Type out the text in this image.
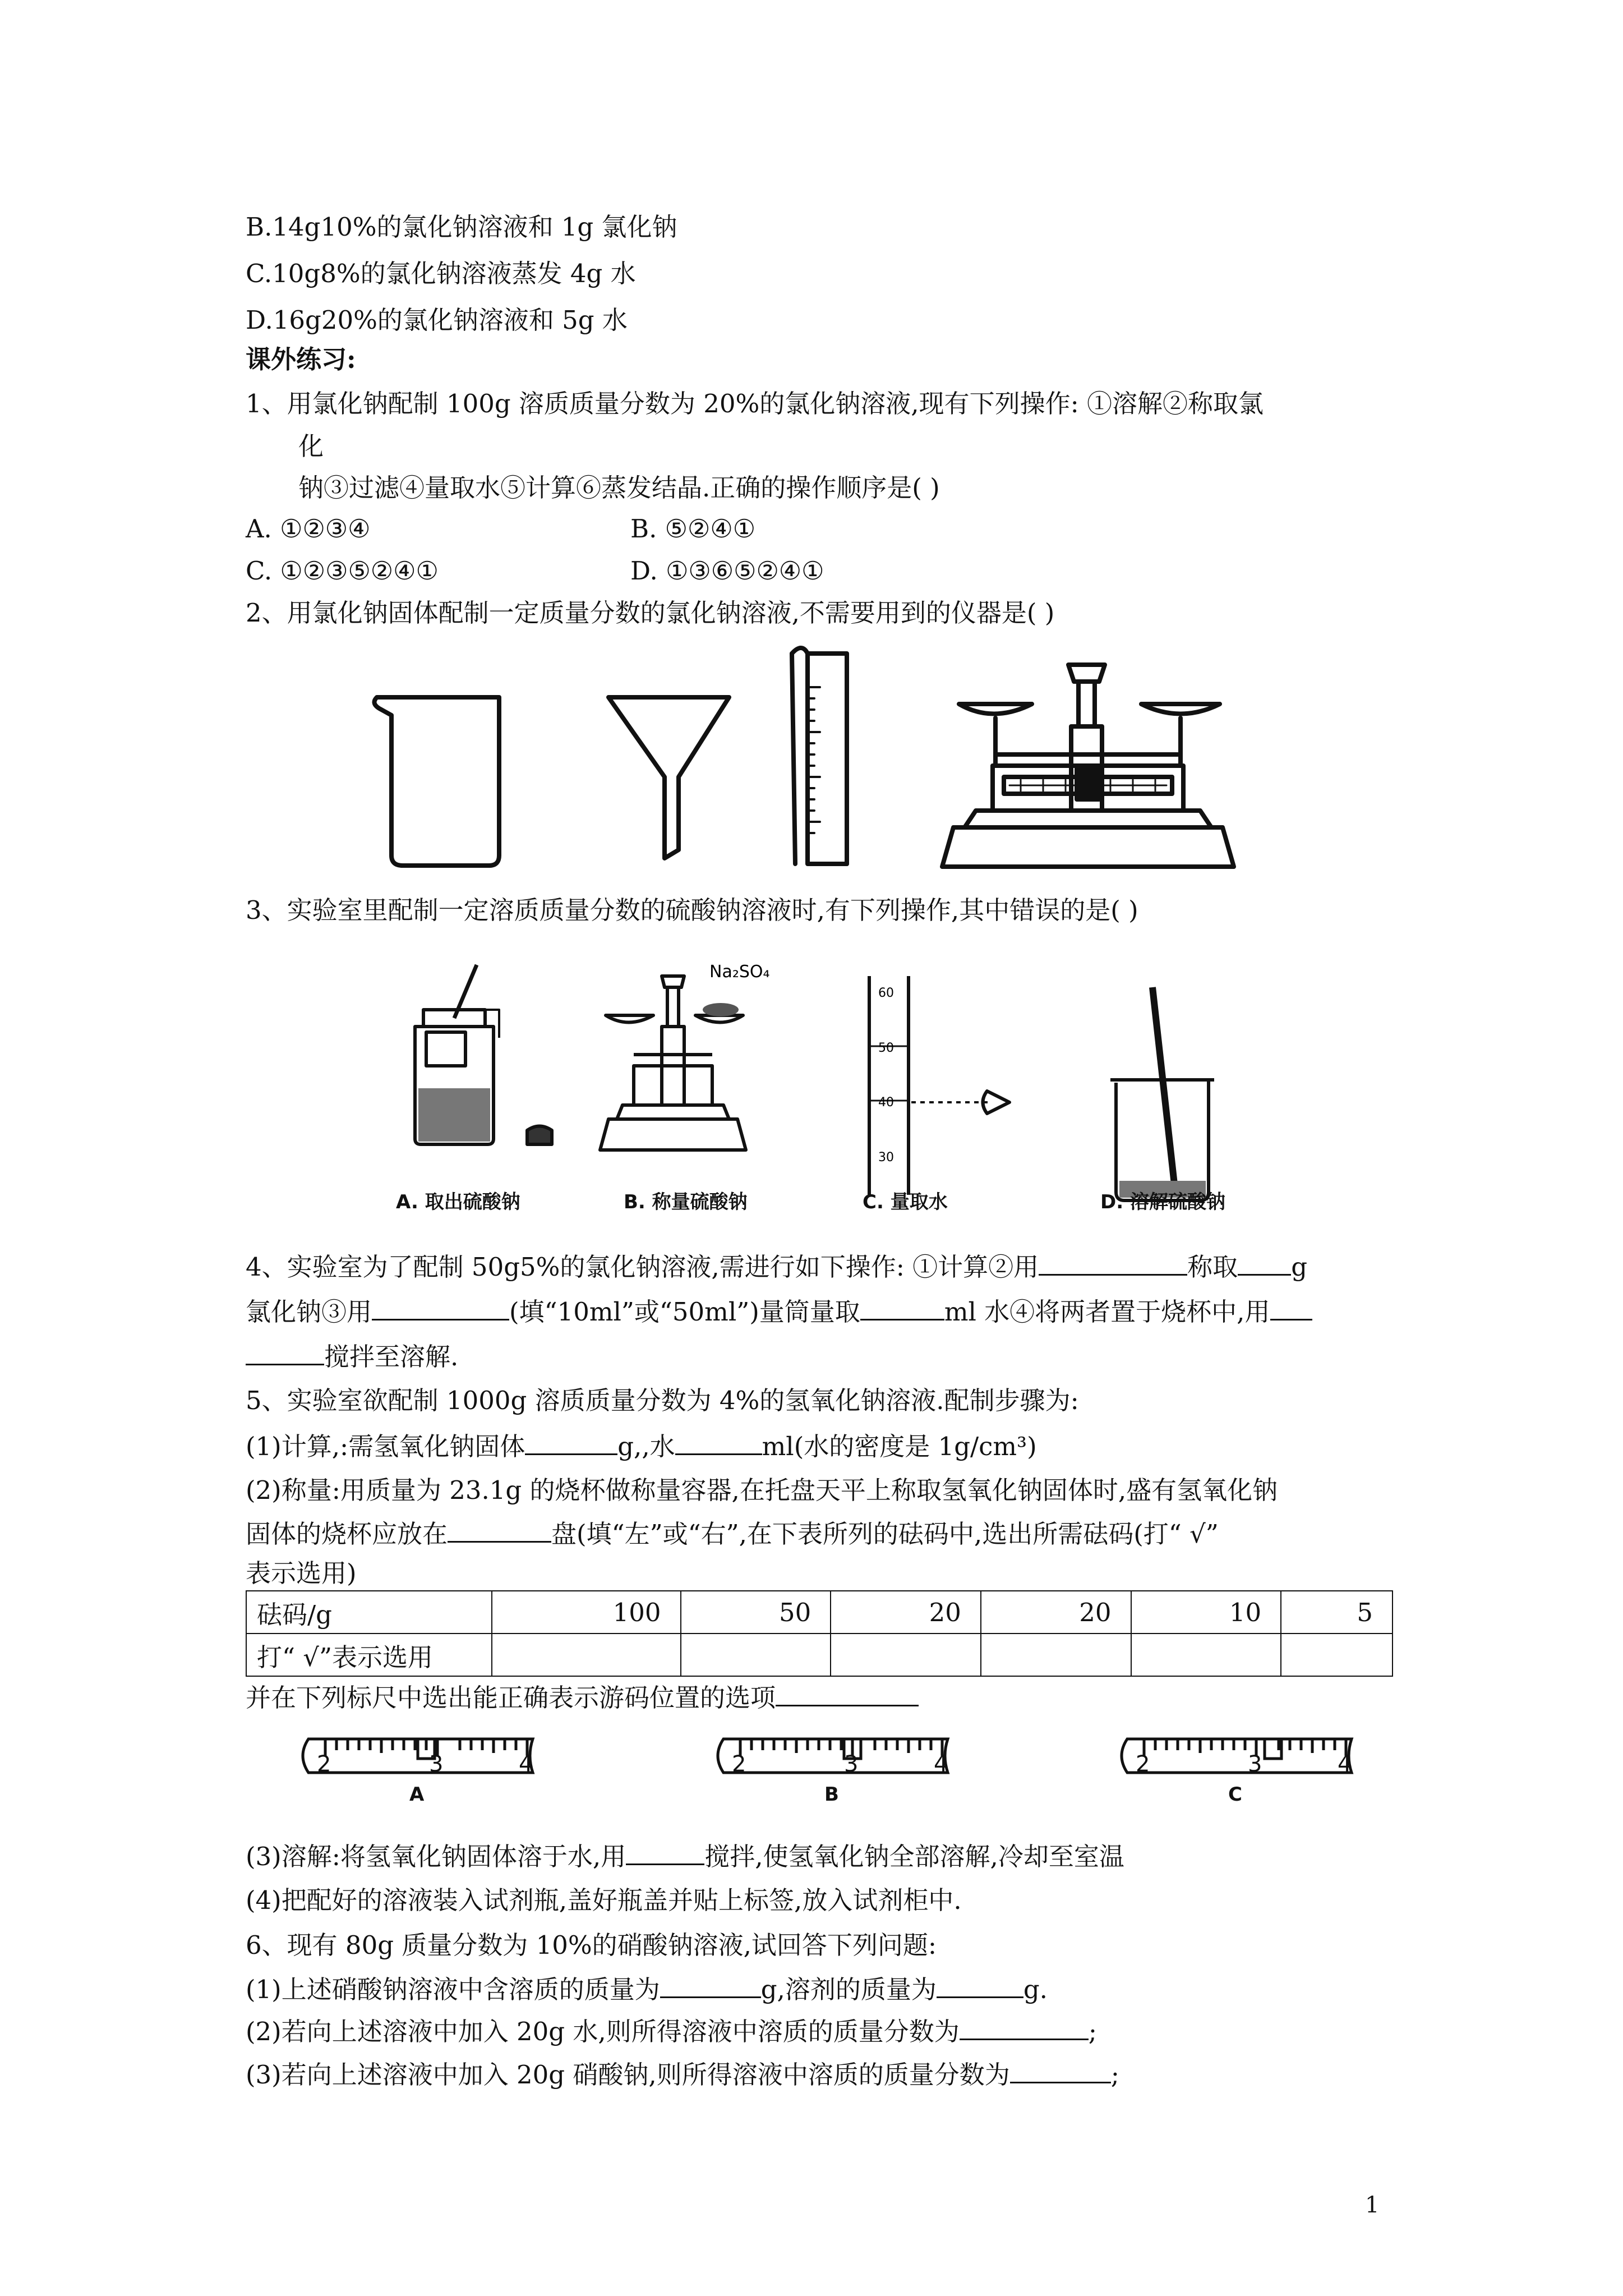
B.14g10%的氯化钠溶液和 1g 氯化钠
C.10g8%的氯化钠溶液蒸发 4g 水
D.16g20%的氯化钠溶液和 5g 水
课外练习:
1、用氯化钠配制 100g 溶质质量分数为 20%的氯化钠溶液,现有下列操作: ①溶解②称取氯
化
钠③过滤④量取水⑤计算⑥蒸发结晶.正确的操作顺序是( )
A. ①②③④	B. ⑤②④①
C. ①②③⑤②④①	D. ①③⑥⑤②④①
2、用氯化钠固体配制一定质量分数的氯化钠溶液,不需要用到的仪器是( )
3、实验室里配制一定溶质质量分数的硫酸钠溶液时,有下列操作,其中错误的是( )
60
50
40
30
Na₂SO₄
A. 取出硫酸钠	B. 称量硫酸钠	C. 量取水	D. 溶解硫酸钠
4、实验室为了配制 50g5%的氯化钠溶液,需进行如下操作: ①计算②用	称取 g
氯化钠③用	(填“10ml”或“50ml”)量筒量取	ml 水④将两者置于烧杯中,用
搅拌至溶解.
5、实验室欲配制 1000g 溶质质量分数为 4%的氢氧化钠溶液.配制步骤为:
(1)计算,:需氢氧化钠固体	g,,水	ml(水的密度是 1g/cm³)
(2)称量:用质量为 23.1g 的烧杯做称量容器,在托盘天平上称取氢氧化钠固体时,盛有氢氧化钠
固体的烧杯应放在	盘(填“左”或“右”,在下表所列的砝码中,选出所需砝码(打“ √”
表示选用)
砝码/g	100	50	20	20	10	5
打“ √”表示选用						
并在下列标尺中选出能正确表示游码位置的选项
2	3	4	2	3	4	2	3	4
A	B	C
(3)溶解:将氢氧化钠固体溶于水,用	搅拌,使氢氧化钠全部溶解,冷却至室温
(4)把配好的溶液装入试剂瓶,盖好瓶盖并贴上标签,放入试剂柜中.
6、现有 80g 质量分数为 10%的硝酸钠溶液,试回答下列问题:
(1)上述硝酸钠溶液中含溶质的质量为	g,溶剂的质量为	g.
(2)若向上述溶液中加入 20g 水,则所得溶液中溶质的质量分数为	;
(3)若向上述溶液中加入 20g 硝酸钠,则所得溶液中溶质的质量分数为	;
1
